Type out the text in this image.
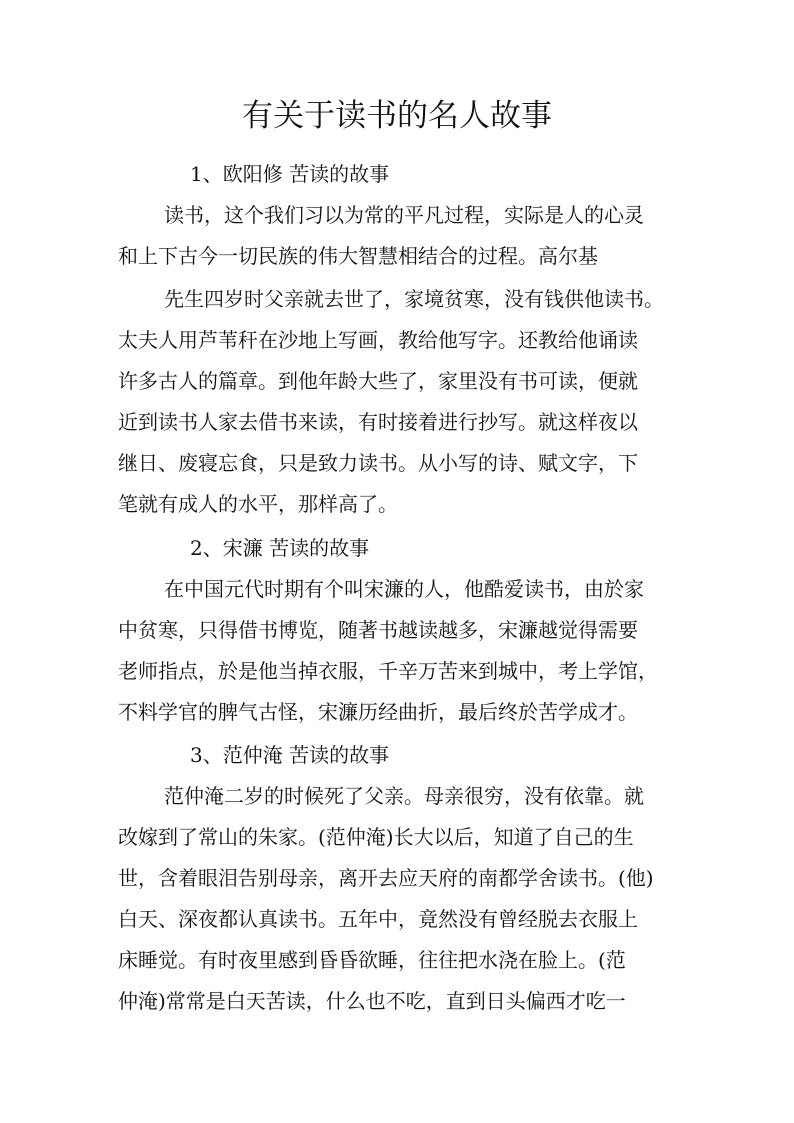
有关于读书的名人故事
1、欧阳修 苦读的故事
读书，这个我们习以为常的平凡过程，实际是人的心灵
和上下古今一切民族的伟大智慧相结合的过程。高尔基
先生四岁时父亲就去世了，家境贫寒，没有钱供他读书。
太夫人用芦苇秆在沙地上写画，教给他写字。还教给他诵读
许多古人的篇章。到他年龄大些了，家里没有书可读，便就
近到读书人家去借书来读，有时接着进行抄写。就这样夜以
继日、废寝忘食，只是致力读书。从小写的诗、赋文字，下
笔就有成人的水平，那样高了。
2、宋濂 苦读的故事
在中国元代时期有个叫宋濂的人，他酷爱读书，由於家
中贫寒，只得借书博览，随著书越读越多，宋濂越觉得需要
老师指点，於是他当掉衣服，千辛万苦来到城中，考上学馆，
不料学官的脾气古怪，宋濂历经曲折，最后终於苦学成才。
3、范仲淹 苦读的故事
范仲淹二岁的时候死了父亲。母亲很穷，没有依靠。就
改嫁到了常山的朱家。(范仲淹)长大以后，知道了自己的生
世，含着眼泪告别母亲，离开去应天府的南都学舍读书。(他)
白天、深夜都认真读书。五年中，竟然没有曾经脱去衣服上
床睡觉。有时夜里感到昏昏欲睡，往往把水浇在脸上。(范
仲淹)常常是白天苦读，什么也不吃，直到日头偏西才吃一
